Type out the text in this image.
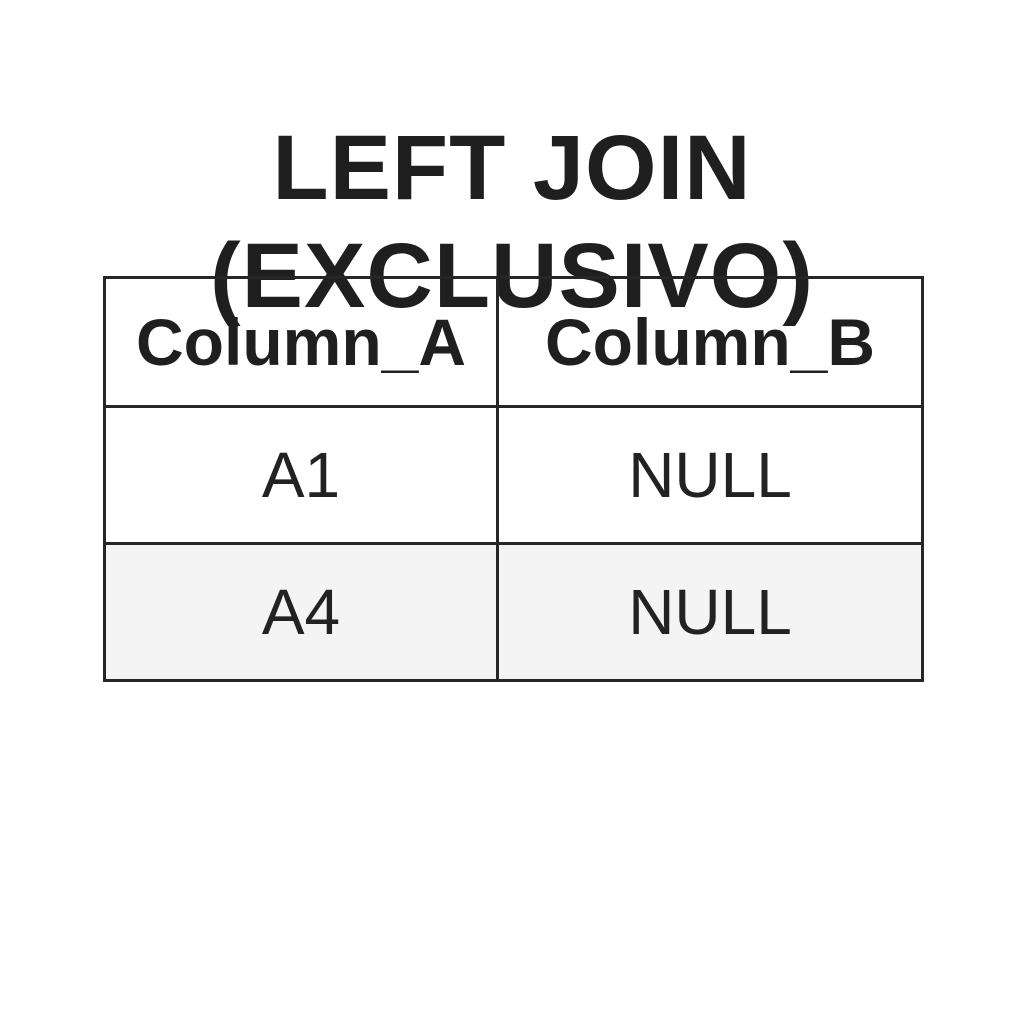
LEFT JOIN
(EXCLUSIVO)
Column_A	Column_B
A1	NULL
A4	NULL
